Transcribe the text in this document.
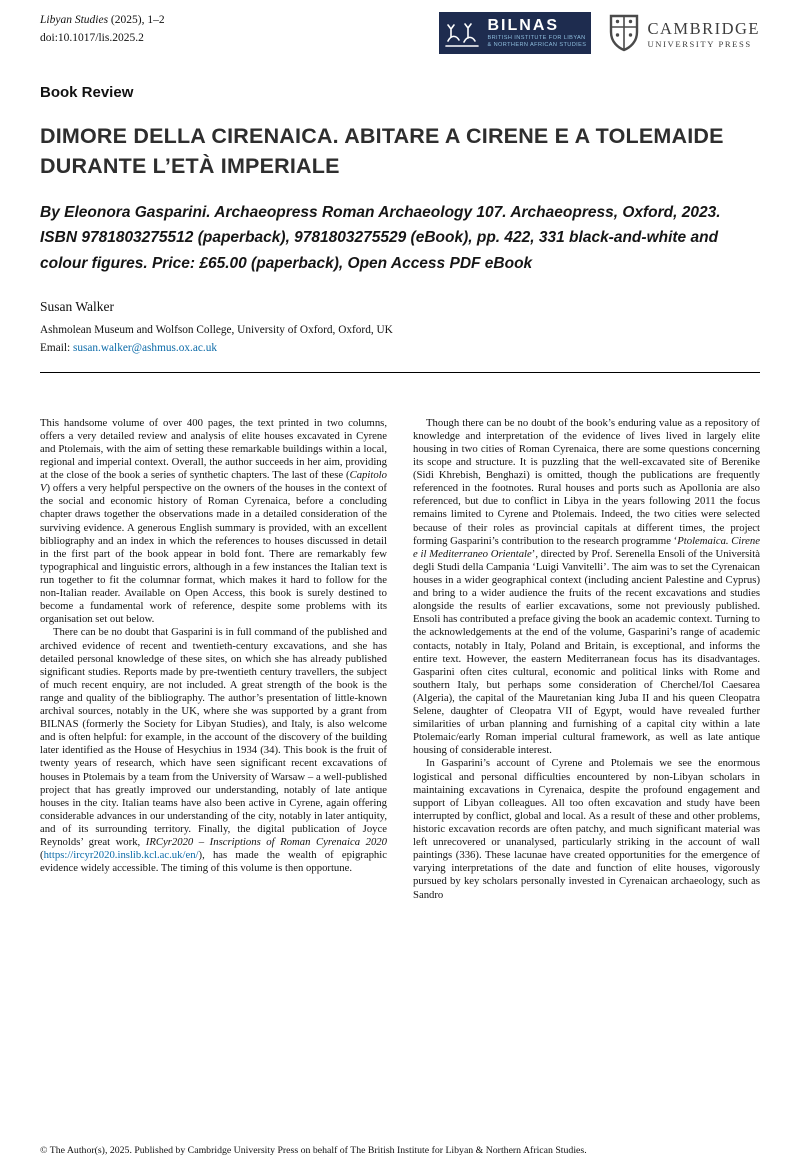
Libyan Studies (2025), 1–2
doi:10.1017/lis.2025.2
BILNAS
BRITISH INSTITUTE FOR LIBYAN
& NORTHERN AFRICAN STUDIES
CAMBRIDGE
UNIVERSITY PRESS
Book Review
DIMORE DELLA CIRENAICA. ABITARE A CIRENE E A TOLEMAIDE DURANTE L’ETÀ IMPERIALE
By Eleonora Gasparini. Archaeopress Roman Archaeology 107. Archaeopress, Oxford, 2023. ISBN 9781803275512 (paperback), 9781803275529 (eBook), pp. 422, 331 black-and-white and colour figures. Price: £65.00 (paperback), Open Access PDF eBook
Susan Walker
Ashmolean Museum and Wolfson College, University of Oxford, Oxford, UK
Email: susan.walker@ashmus.ox.ac.uk

This handsome volume of over 400 pages, the text printed in two columns, offers a very detailed review and analysis of elite houses excavated in Cyrene and Ptolemais, with the aim of setting these remarkable buildings within a local, regional and imperial context. Overall, the author succeeds in her aim, providing at the close of the book a series of synthetic chapters. The last of these (Capitolo V) offers a very helpful perspective on the owners of the houses in the context of the social and economic history of Roman Cyrenaica, before a concluding chapter draws together the observations made in a detailed consideration of the surviving evidence. A generous English summary is provided, with an excellent bibliography and an index in which the references to houses discussed in detail in the first part of the book appear in bold font. There are remarkably few typographical and linguistic errors, although in a few instances the Italian text is run together to fit the columnar format, which makes it hard to follow for the non-Italian reader. Available on Open Access, this book is surely destined to become a fundamental work of reference, despite some problems with its organisation set out below.

There can be no doubt that Gasparini is in full command of the published and archived evidence of recent and twentieth-century excavations, and she has detailed personal knowledge of these sites, on which she has already published significant studies. Reports made by pre-twentieth century travellers, the subject of much recent enquiry, are not included. A great strength of the book is the range and quality of the bibliography. The author’s presentation of little-known archival sources, notably in the UK, where she was supported by a grant from BILNAS (formerly the Society for Libyan Studies), and Italy, is also welcome and is often helpful: for example, in the account of the discovery of the building later identified as the House of Hesychius in 1934 (34). This book is the fruit of twenty years of research, which have seen significant recent excavations of houses in Ptolemais by a team from the University of Warsaw – a well-published project that has greatly improved our understanding, notably of late antique houses in the city. Italian teams have also been active in Cyrene, again offering considerable advances in our understanding of the city, notably in later antiquity, and of its surrounding territory. Finally, the digital publication of Joyce Reynolds’ great work, IRCyr2020 – Inscriptions of Roman Cyrenaica 2020 (https://ircyr2020.inslib.kcl.ac.uk/en/), has made the wealth of epigraphic evidence widely accessible. The timing of this volume is then opportune.

Though there can be no doubt of the book’s enduring value as a repository of knowledge and interpretation of the evidence of lives lived in largely elite housing in two cities of Roman Cyrenaica, there are some questions concerning its scope and structure. It is puzzling that the well-excavated site of Berenike (Sidi Khrebish, Benghazi) is omitted, though the publications are frequently referenced in the footnotes. Rural houses and ports such as Apollonia are also referenced, but due to conflict in Libya in the years following 2011 the focus remains limited to Cyrene and Ptolemais. Indeed, the two cities were selected because of their roles as provincial capitals at different times, the project forming Gasparini’s contribution to the research programme ‘Ptolemaica. Cirene e il Mediterraneo Orientale’, directed by Prof. Serenella Ensoli of the Università degli Studi della Campania ‘Luigi Vanvitelli’. The aim was to set the Cyrenaican houses in a wider geographical context (including ancient Palestine and Cyprus) and bring to a wider audience the fruits of the recent excavations and studies alongside the results of earlier excavations, some not previously published. Ensoli has contributed a preface giving the book an academic context. Turning to the acknowledgements at the end of the volume, Gasparini’s range of academic contacts, notably in Italy, Poland and Britain, is exceptional, and informs the entire text. However, the eastern Mediterranean focus has its disadvantages. Gasparini often cites cultural, economic and political links with Rome and southern Italy, but perhaps some consideration of Cherchel/Iol Caesarea (Algeria), the capital of the Mauretanian king Juba II and his queen Cleopatra Selene, daughter of Cleopatra VII of Egypt, would have revealed further similarities of urban planning and furnishing of a capital city within a late Ptolemaic/early Roman imperial cultural framework, as well as late antique housing of considerable interest.

In Gasparini’s account of Cyrene and Ptolemais we see the enormous logistical and personal difficulties encountered by non-Libyan scholars in maintaining excavations in Cyrenaica, despite the profound engagement and support of Libyan colleagues. All too often excavation and study have been interrupted by conflict, global and local. As a result of these and other problems, historic excavation records are often patchy, and much significant material was left unrecovered or unanalysed, particularly striking in the account of wall paintings (336). These lacunae have created opportunities for the emergence of varying interpretations of the date and function of elite houses, vigorously pursued by key scholars personally invested in Cyrenaican archaeology, such as Sandro

© The Author(s), 2025. Published by Cambridge University Press on behalf of The British Institute for Libyan & Northern African Studies.
